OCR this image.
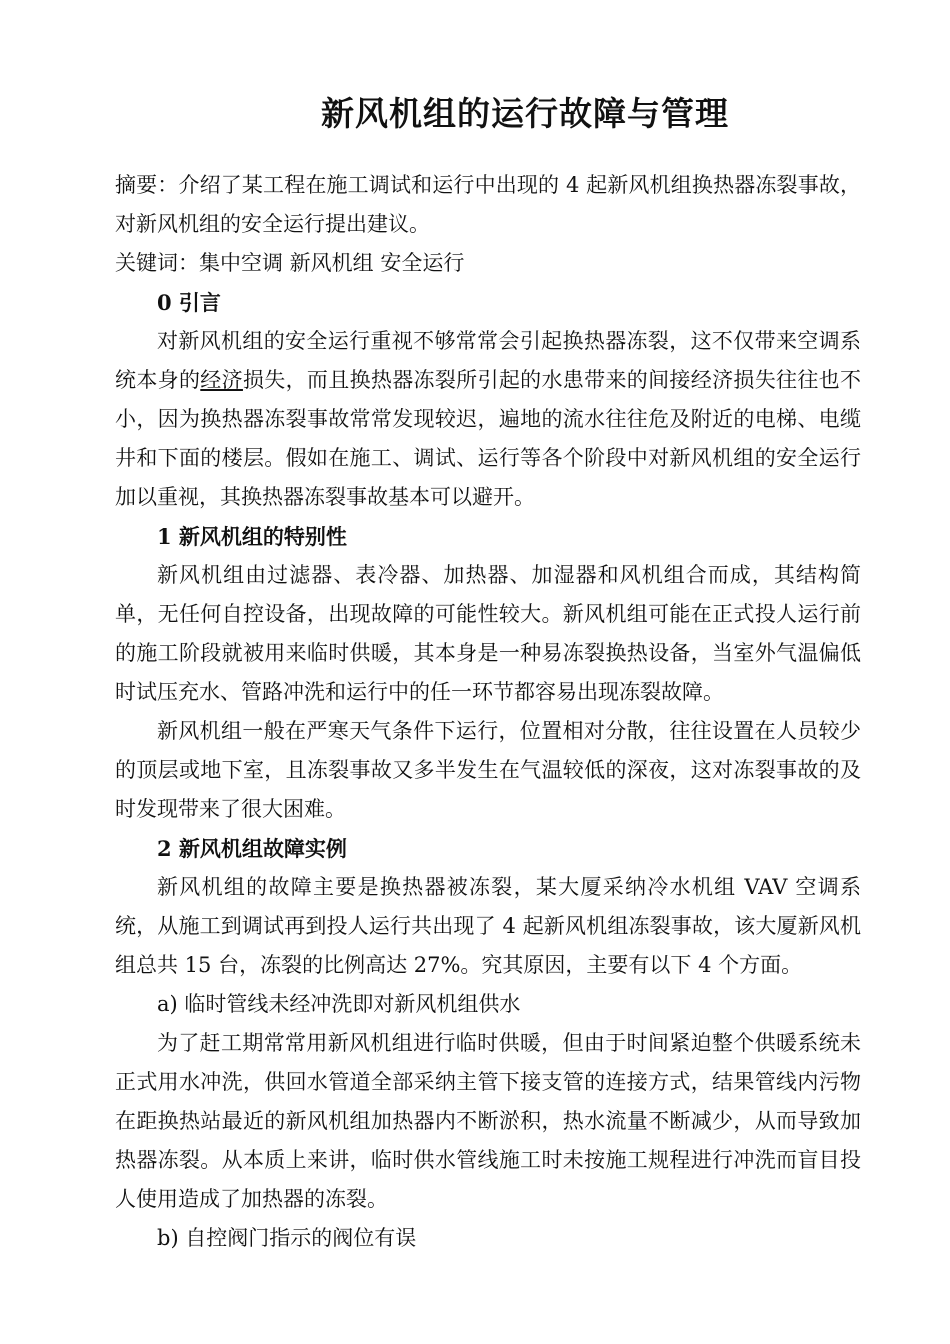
新风机组的运行故障与管理

摘要：介绍了某工程在施工调试和运行中出现的 4 起新风机组换热器冻裂事故，对新风机组的安全运行提出建议。

关键词：集中空调 新风机组 安全运行

0 引言

对新风机组的安全运行重视不够常常会引起换热器冻裂，这不仅带来空调系统本身的经济损失，而且换热器冻裂所引起的水患带来的间接经济损失往往也不小，因为换热器冻裂事故常常发现较迟，遍地的流水往往危及附近的电梯、电缆井和下面的楼层。假如在施工、调试、运行等各个阶段中对新风机组的安全运行加以重视，其换热器冻裂事故基本可以避开。

1 新风机组的特别性

新风机组由过滤器、表冷器、加热器、加湿器和风机组合而成，其结构简单，无任何自控设备，出现故障的可能性较大。新风机组可能在正式投人运行前的施工阶段就被用来临时供暖，其本身是一种易冻裂换热设备，当室外气温偏低时试压充水、管路冲洗和运行中的任一环节都容易出现冻裂故障。

新风机组一般在严寒天气条件下运行，位置相对分散，往往设置在人员较少的顶层或地下室，且冻裂事故又多半发生在气温较低的深夜，这对冻裂事故的及时发现带来了很大困难。

2 新风机组故障实例

新风机组的故障主要是换热器被冻裂，某大厦采纳冷水机组 VAV 空调系统，从施工到调试再到投人运行共出现了 4 起新风机组冻裂事故，该大厦新风机组总共 15 台，冻裂的比例高达 27%。究其原因，主要有以下 4 个方面。

a) 临时管线未经冲洗即对新风机组供水

为了赶工期常常用新风机组进行临时供暖，但由于时间紧迫整个供暖系统未正式用水冲洗，供回水管道全部采纳主管下接支管的连接方式，结果管线内污物在距换热站最近的新风机组加热器内不断淤积，热水流量不断减少，从而导致加热器冻裂。从本质上来讲，临时供水管线施工时未按施工规程进行冲洗而盲目投人使用造成了加热器的冻裂。

b) 自控阀门指示的阀位有误
